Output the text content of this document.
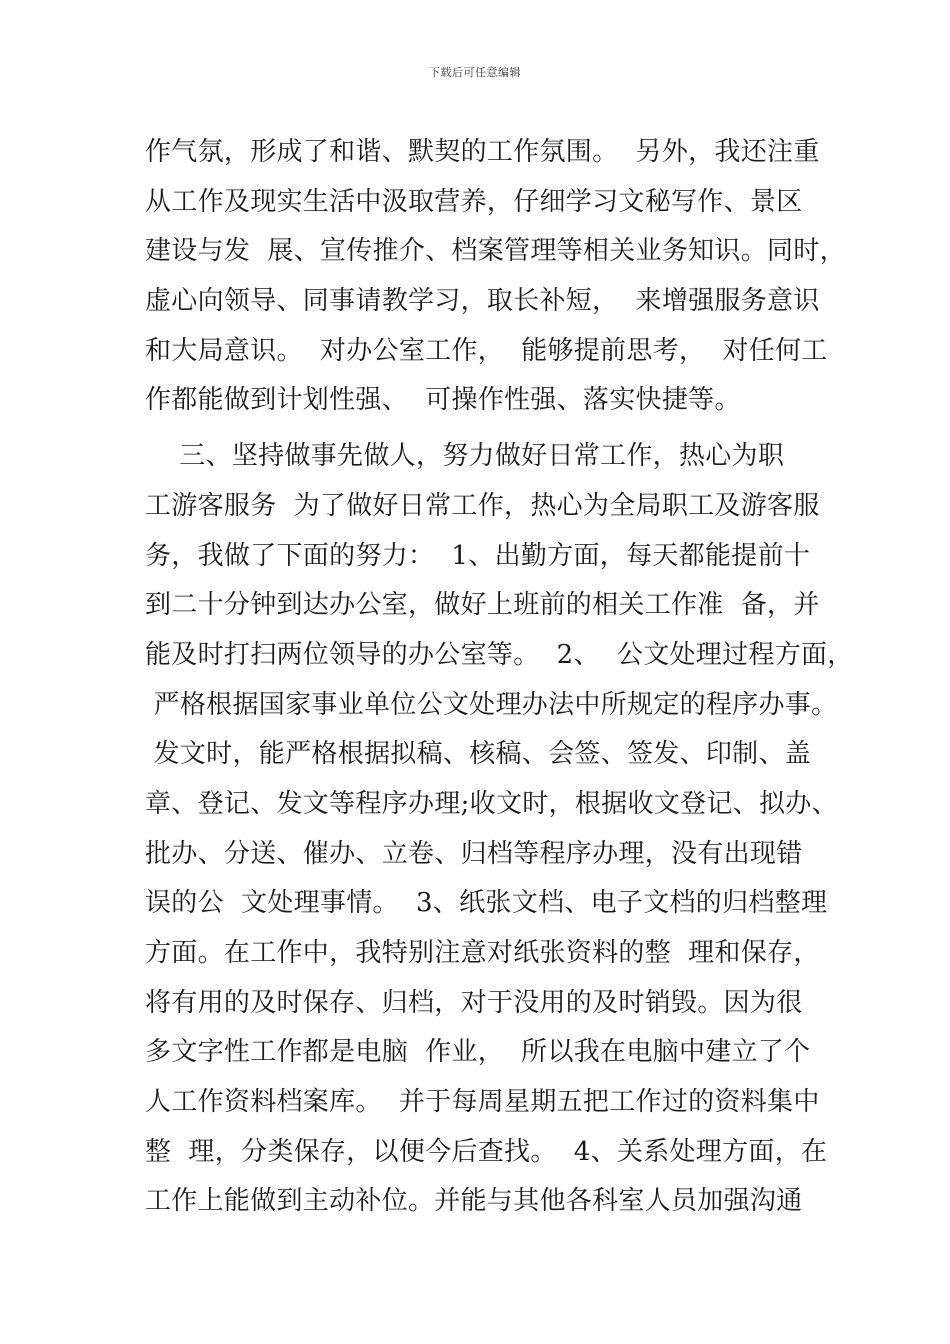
下载后可任意编辑
作气氛，形成了和谐、默契的工作氛围。  另外，我还注重
从工作及现实生活中汲取营养，仔细学习文秘写作、景区
建设与发  展、宣传推介、档案管理等相关业务知识。同时，
虚心向领导、同事请教学习，取长补短，  来增强服务意识
和大局意识。  对办公室工作，  能够提前思考，  对任何工
作都能做到计划性强、  可操作性强、落实快捷等。
三、坚持做事先做人，努力做好日常工作，热心为职
工游客服务  为了做好日常工作，热心为全局职工及游客服
务，我做了下面的努力：  1、出勤方面，每天都能提前十
到二十分钟到达办公室，做好上班前的相关工作准  备，并
能及时打扫两位领导的办公室等。  2、  公文处理过程方面，
严格根据国家事业单位公文处理办法中所规定的程序办事。
发文时，能严格根据拟稿、核稿、会签、签发、印制、盖
章、登记、发文等程序办理;收文时，根据收文登记、拟办、
批办、分送、催办、立卷、归档等程序办理，没有出现错
误的公  文处理事情。  3、纸张文档、电子文档的归档整理
方面。在工作中，我特别注意对纸张资料的整  理和保存，
将有用的及时保存、归档，对于没用的及时销毁。因为很
多文字性工作都是电脑  作业，  所以我在电脑中建立了个
人工作资料档案库。  并于每周星期五把工作过的资料集中
整  理，分类保存，以便今后查找。  4、关系处理方面，在
工作上能做到主动补位。并能与其他各科室人员加强沟通
